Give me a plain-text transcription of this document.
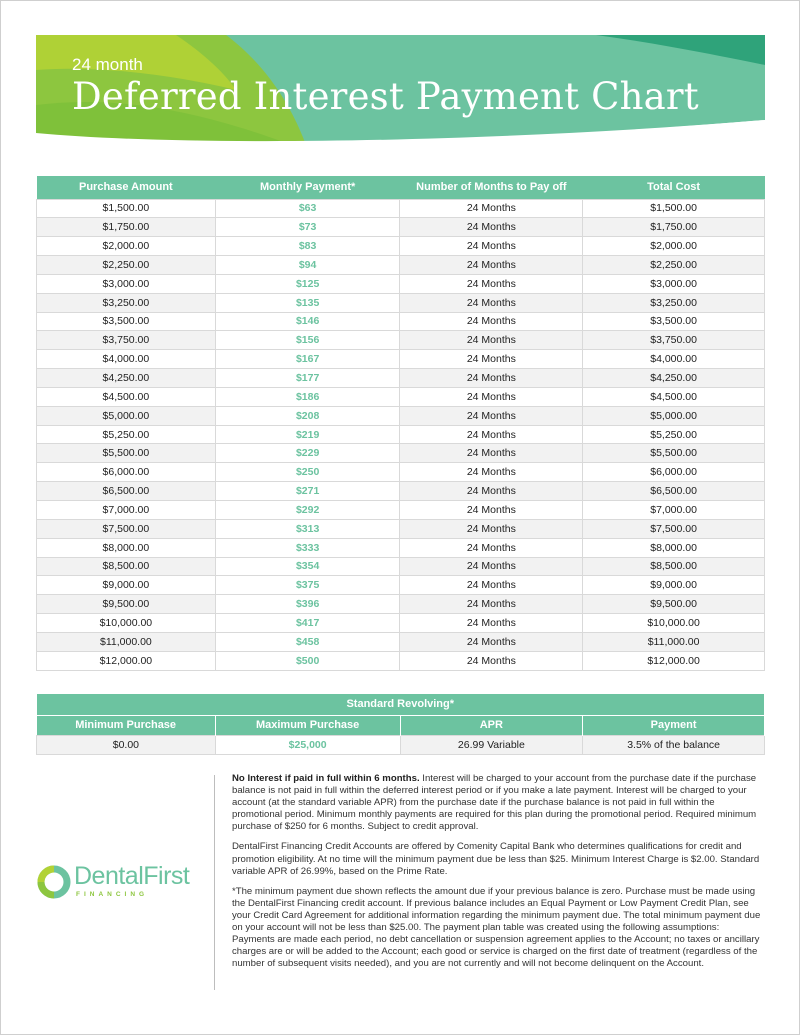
24 month
Deferred Interest Payment Chart
Purchase Amount	Monthly Payment*	Number of Months to Pay off	Total Cost
$1,500.00	$63	24 Months	$1,500.00
$1,750.00	$73	24 Months	$1,750.00
$2,000.00	$83	24 Months	$2,000.00
$2,250.00	$94	24 Months	$2,250.00
$3,000.00	$125	24 Months	$3,000.00
$3,250.00	$135	24 Months	$3,250.00
$3,500.00	$146	24 Months	$3,500.00
$3,750.00	$156	24 Months	$3,750.00
$4,000.00	$167	24 Months	$4,000.00
$4,250.00	$177	24 Months	$4,250.00
$4,500.00	$186	24 Months	$4,500.00
$5,000.00	$208	24 Months	$5,000.00
$5,250.00	$219	24 Months	$5,250.00
$5,500.00	$229	24 Months	$5,500.00
$6,000.00	$250	24 Months	$6,000.00
$6,500.00	$271	24 Months	$6,500.00
$7,000.00	$292	24 Months	$7,000.00
$7,500.00	$313	24 Months	$7,500.00
$8,000.00	$333	24 Months	$8,000.00
$8,500.00	$354	24 Months	$8,500.00
$9,000.00	$375	24 Months	$9,000.00
$9,500.00	$396	24 Months	$9,500.00
$10,000.00	$417	24 Months	$10,000.00
$11,000.00	$458	24 Months	$11,000.00
$12,000.00	$500	24 Months	$12,000.00
Standard Revolving*			
Minimum Purchase	Maximum Purchase	APR	Payment
$0.00	$25,000	26.99 Variable	3.5% of the balance
DentalFirst
FINANCING

No Interest if paid in full within 6 months. Interest will be charged to your account from the purchase date if the purchase balance is not paid in full within the deferred interest period or if you make a late payment. Interest will be charged to your account (at the standard variable APR) from the purchase date if the purchase balance is not paid in full within the promotional period. Minimum monthly payments are required for this plan during the promotional period. Required minimum purchase of $250 for 6 months. Subject to credit approval.

DentalFirst Financing Credit Accounts are offered by Comenity Capital Bank who determines qualifications for credit and promotion eligibility. At no time will the minimum payment due be less than $25. Minimum Interest Charge is $2.00. Standard variable APR of 26.99%, based on the Prime Rate.

*The minimum payment due shown reflects the amount due if your previous balance is zero. Purchase must be made using the DentalFirst Financing credit account. If previous balance includes an Equal Payment or Low Payment Credit Plan, see your Credit Card Agreement for additional information regarding the minimum payment due. The total minimum payment due on your account will not be less than $25.00. The payment plan table was created using the following assumptions: Payments are made each period, no debt cancellation or suspension agreement applies to the Account; no taxes or ancillary charges are or will be added to the Account; each good or service is charged on the first date of treatment (regardless of the number of subsequent visits needed), and you are not currently and will not become delinquent on the Account.
